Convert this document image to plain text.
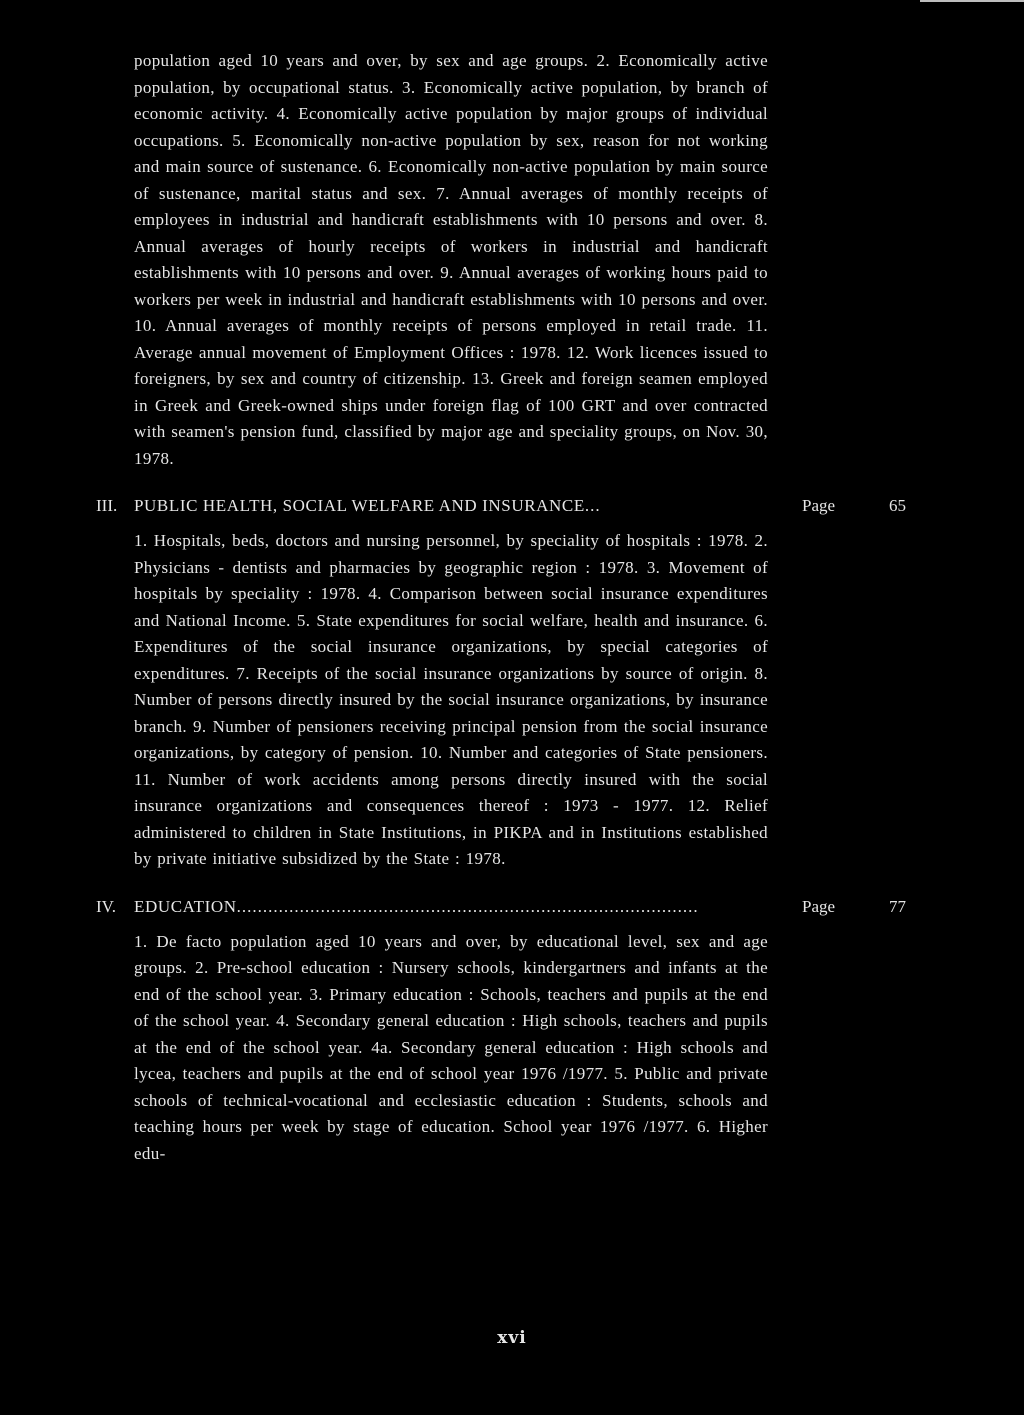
population aged 10 years and over, by sex and age groups. 2. Economically active population, by occupational status. 3. Economically active population, by branch of economic activity. 4. Economically active population by major groups of individual occupations. 5. Economically non-active population by sex, reason for not working and main source of sustenance. 6. Economically non-active population by main source of sustenance, marital status and sex. 7. Annual averages of monthly receipts of employees in industrial and handicraft establishments with 10 persons and over. 8. Annual averages of hourly receipts of workers in industrial and handicraft establishments with 10 persons and over. 9. Annual averages of working hours paid to workers per week in industrial and handicraft establishments with 10 persons and over. 10. Annual averages of monthly receipts of persons employed in retail trade. 11. Average annual movement of Employment Offices : 1978. 12. Work licences issued to foreigners, by sex and country of citizenship. 13. Greek and foreign seamen employed in Greek and Greek-owned ships under foreign flag of 100 GRT and over contracted with seamen's pension fund, classified by major age and speciality groups, on Nov. 30, 1978.

III. PUBLIC HEALTH, SOCIAL WELFARE AND INSURANCE...	Page	65

1. Hospitals, beds, doctors and nursing personnel, by speciality of hospitals : 1978. 2. Physicians - dentists and pharmacies by geographic region : 1978. 3. Movement of hospitals by speciality : 1978. 4. Comparison between social insurance expenditures and National Income. 5. State expenditures for social welfare, health and insurance. 6. Expenditures of the social insurance organizations, by special categories of expenditures. 7. Receipts of the social insurance organizations by source of origin. 8. Number of persons directly insured by the social insurance organizations, by insurance branch. 9. Number of pensioners receiving principal pension from the social insurance organizations, by category of pension. 10. Number and categories of State pensioners. 11. Number of work accidents among persons directly insured with the social insurance organizations and consequences thereof : 1973 - 1977. 12. Relief administered to children in State Institutions, in PIKPA and in Institutions established by private initiative subsidized by the State : 1978.

IV.	EDUCATION........................................................................................	Page	77

1. De facto population aged 10 years and over, by educational level, sex and age groups. 2. Pre-school education : Nursery schools, kindergartners and infants at the end of the school year. 3. Primary education : Schools, teachers and pupils at the end of the school year. 4. Secondary general education : High schools, teachers and pupils at the end of the school year. 4a. Secondary general education : High schools and lycea, teachers and pupils at the end of school year 1976 /1977. 5. Public and private schools of technical-vocational and ecclesiastic education : Students, schools and teaching hours per week by stage of education. School year 1976 /1977. 6. Higher edu-

xvi
